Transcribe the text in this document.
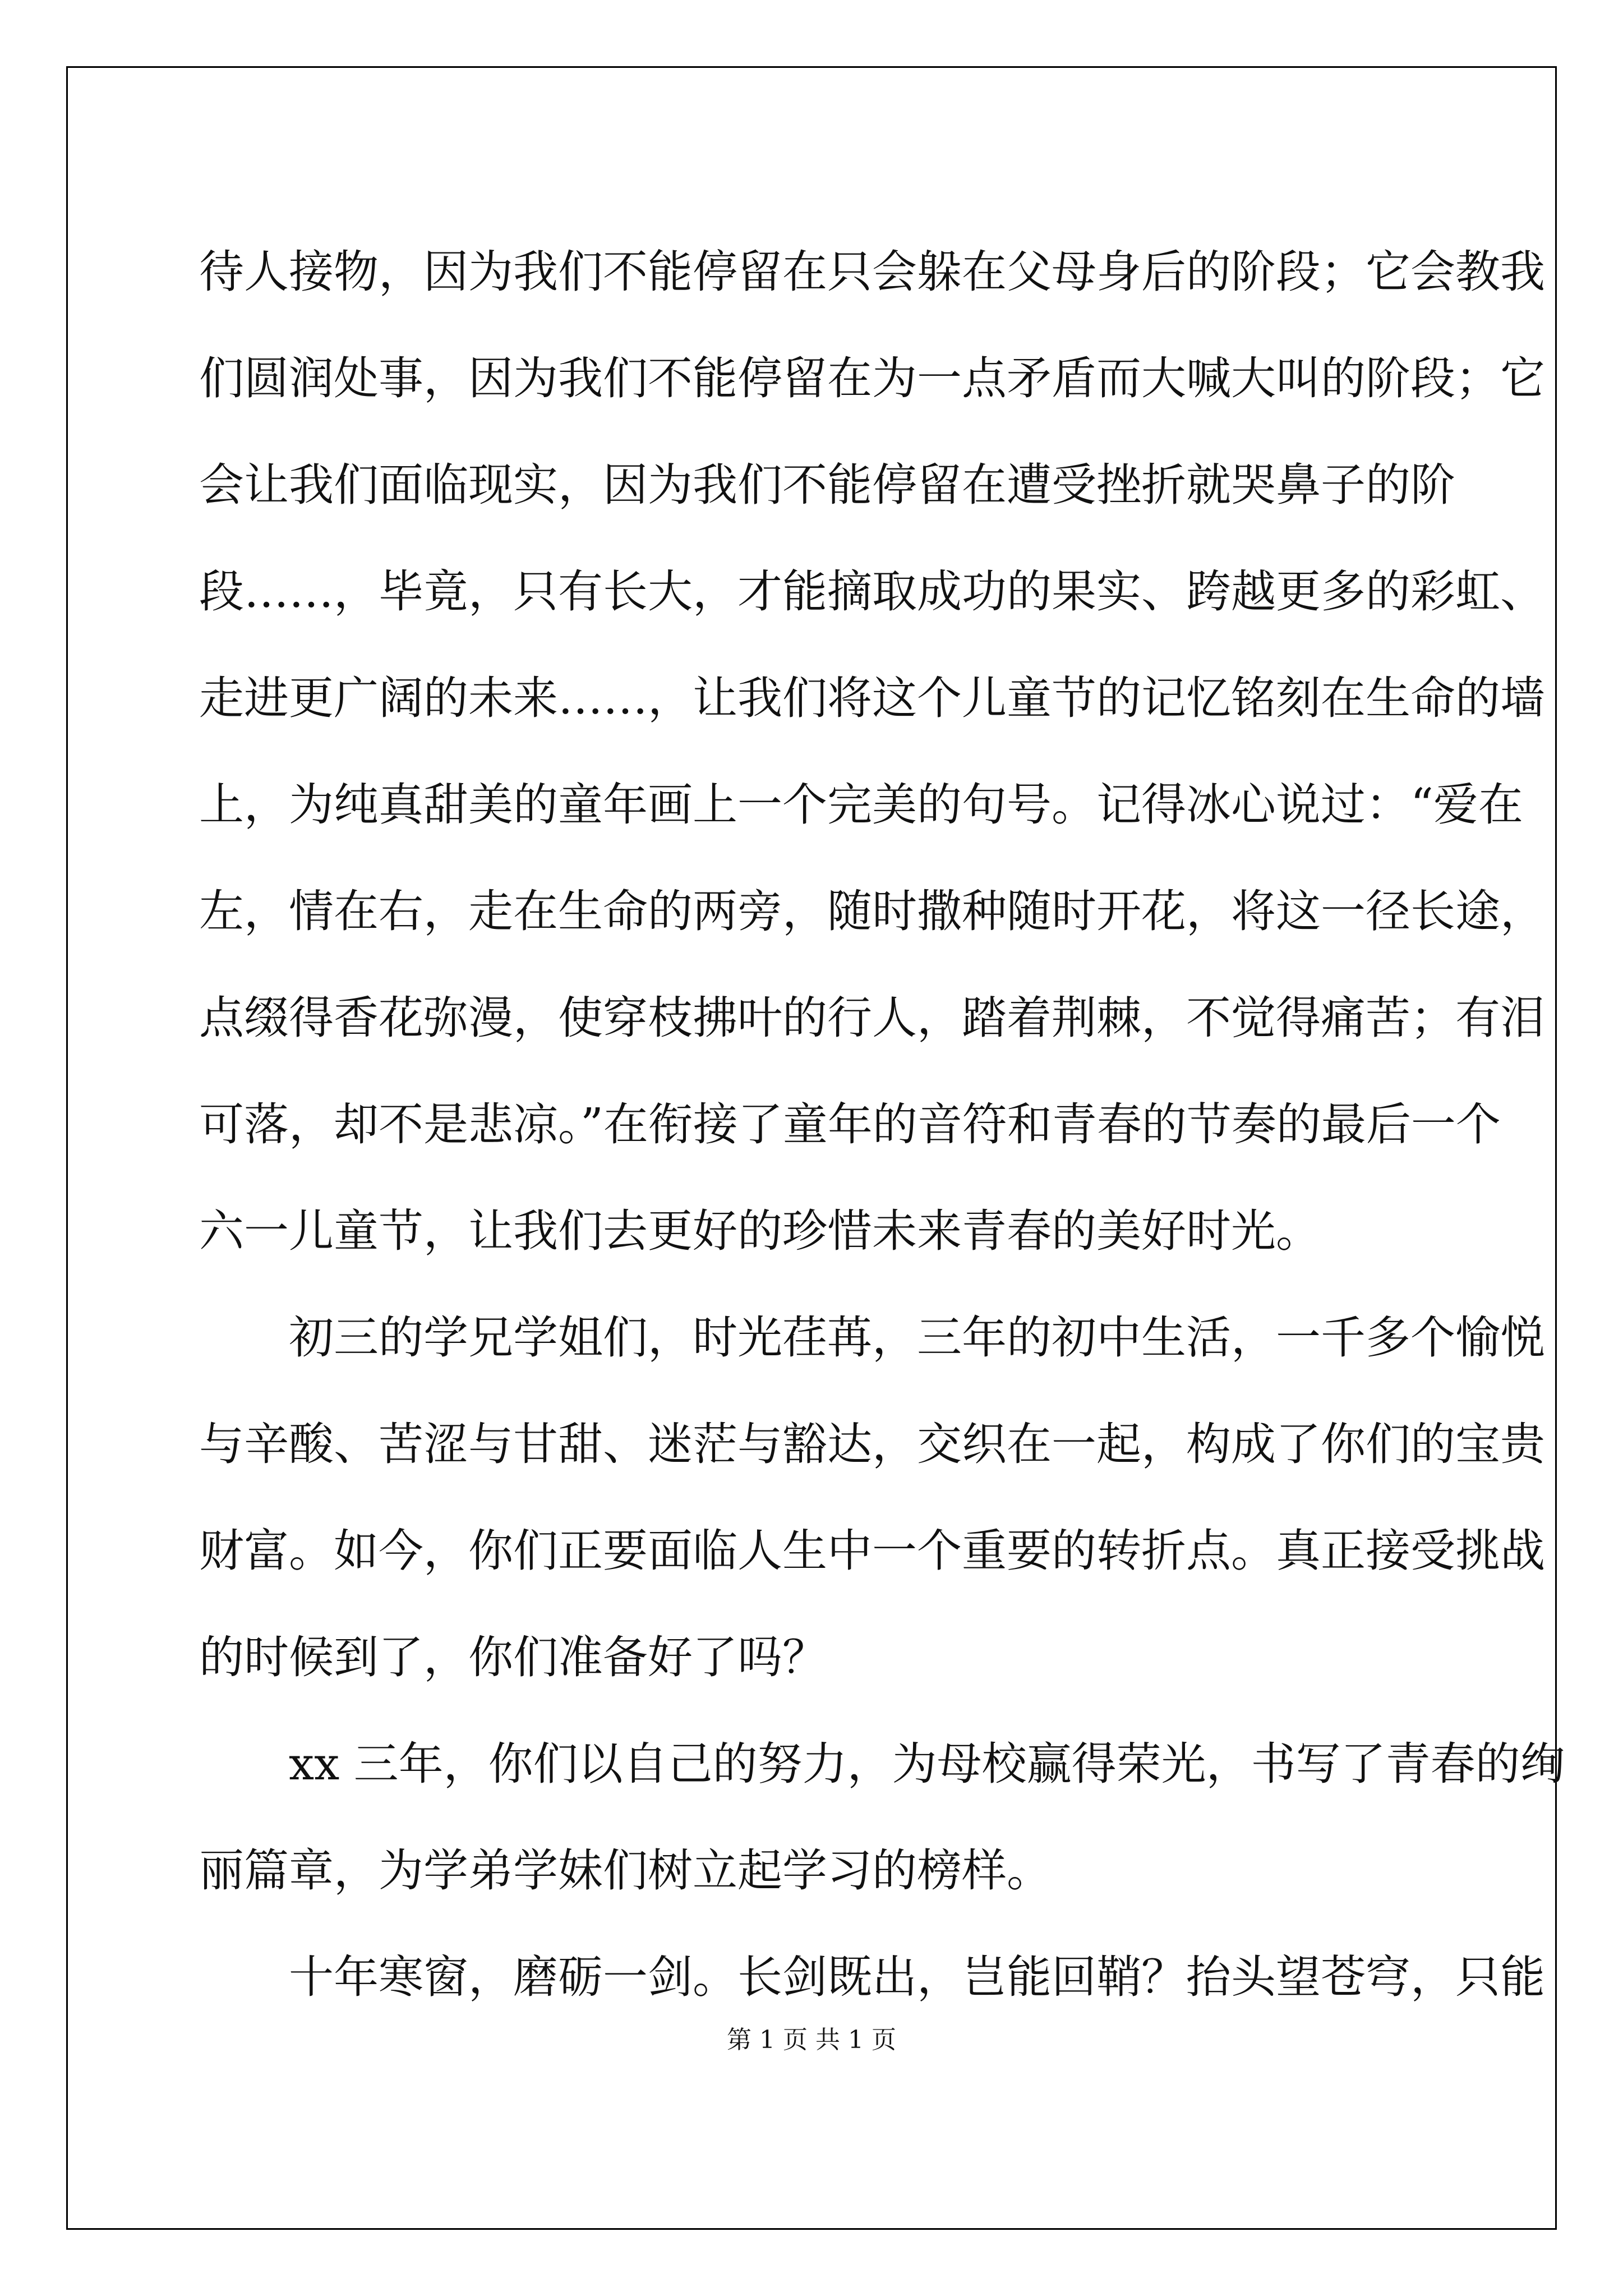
待人接物，因为我们不能停留在只会躲在父母身后的阶段；它会教我
们圆润处事，因为我们不能停留在为一点矛盾而大喊大叫的阶段；它
会让我们面临现实，因为我们不能停留在遭受挫折就哭鼻子的阶
段……，毕竟，只有长大，才能摘取成功的果实、跨越更多的彩虹、
走进更广阔的未来……，让我们将这个儿童节的记忆铭刻在生命的墙
上，为纯真甜美的童年画上一个完美的句号。记得冰心说过：“爱在
左，情在右，走在生命的两旁，随时撒种随时开花，将这一径长途，
点缀得香花弥漫，使穿枝拂叶的行人，踏着荆棘，不觉得痛苦；有泪
可落，却不是悲凉。”在衔接了童年的音符和青春的节奏的最后一个
六一儿童节，让我们去更好的珍惜未来青春的美好时光。
初三的学兄学姐们，时光荏苒，三年的初中生活，一千多个愉悦
与辛酸、苦涩与甘甜、迷茫与豁达，交织在一起，构成了你们的宝贵
财富。如今，你们正要面临人生中一个重要的转折点。真正接受挑战
的时候到了，你们准备好了吗？
xx 三年，你们以自己的努力，为母校赢得荣光，书写了青春的绚
丽篇章，为学弟学妹们树立起学习的榜样。
十年寒窗，磨砺一剑。长剑既出，岂能回鞘？抬头望苍穹，只能
第 1 页 共 1 页
